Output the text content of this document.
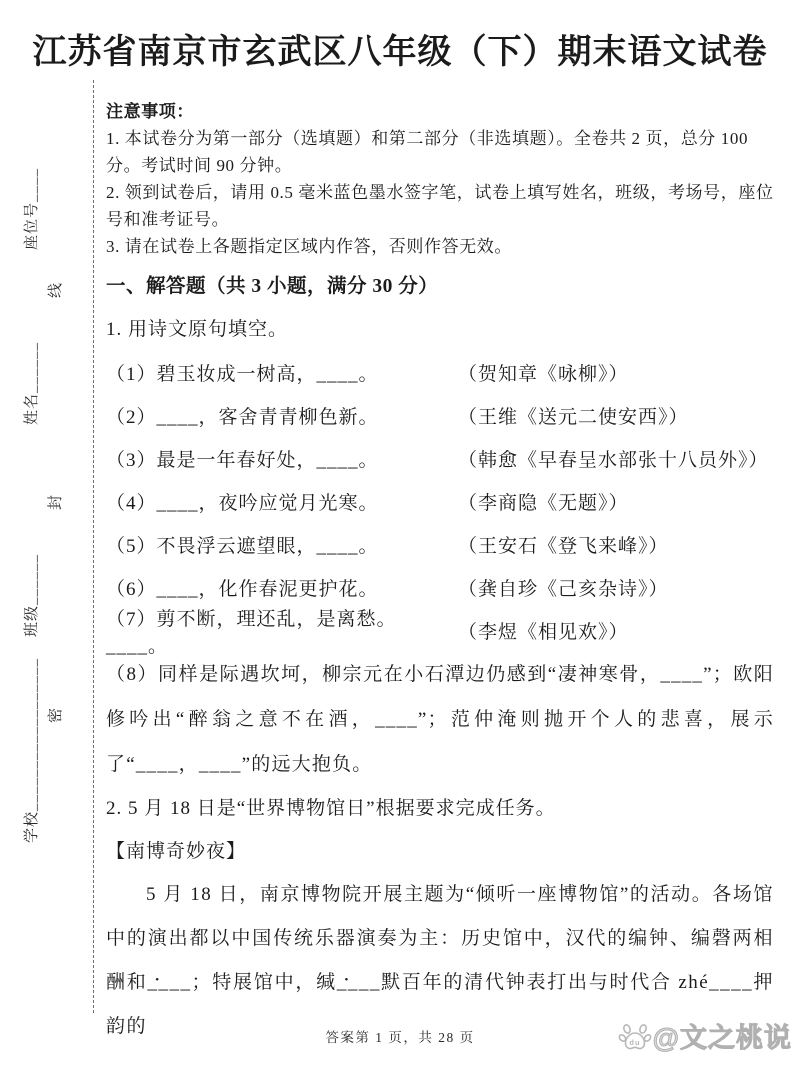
江苏省南京市玄武区八年级（下）期末语文试卷
座位号____
姓名______
班级______
学校__________________
线
封
密

注意事项：

1. 本试卷分为第一部分（选填题）和第二部分（非选填题）。全卷共 2 页，总分 100 分。考试时间 90 分钟。

2. 领到试卷后，请用 0.5 毫米蓝色墨水签字笔，试卷上填写姓名，班级，考场号，座位号和准考证号。

3. 请在试卷上各题指定区域内作答，否则作答无效。

一、解答题（共 3 小题，满分 30 分）

1. 用诗文原句填空。

（1）碧玉妆成一树高，____。	（贺知章《咏柳》）
（2）____，客舍青青柳色新。	（王维《送元二使安西》）
（3）最是一年春好处，____。	（韩愈《早春呈水部张十八员外》）
（4）____，夜吟应觉月光寒。	（李商隐《无题》）
（5）不畏浮云遮望眼，____。	（王安石《登飞来峰》）
（6）____，化作春泥更护花。	（龚自珍《己亥杂诗》）
（7）剪不断，理还乱，是离愁。____。
（李煜《相见欢》）

（8）同样是际遇坎坷，柳宗元在小石潭边仍感到“凄神寒骨，____”；欧阳修吟出“醉翁之意不在酒，____”；范仲淹则抛开个人的悲喜，展示了“____，____”的远大抱负。

2. 5 月 18 日是“世界博物馆日”根据要求完成任务。

【南博奇妙夜】

5 月 18 日，南京博物院开展主题为“倾听一座博物馆”的活动。各场馆中的演出都以中国传统乐器演奏为主：历史馆中，汉代的编钟、编磬两相酬和 •____；特展馆中，缄 •____默百年的清代钟表打出与时代合 zhé____押韵的

答案第 1 页，共 28 页	du @文之桃说
